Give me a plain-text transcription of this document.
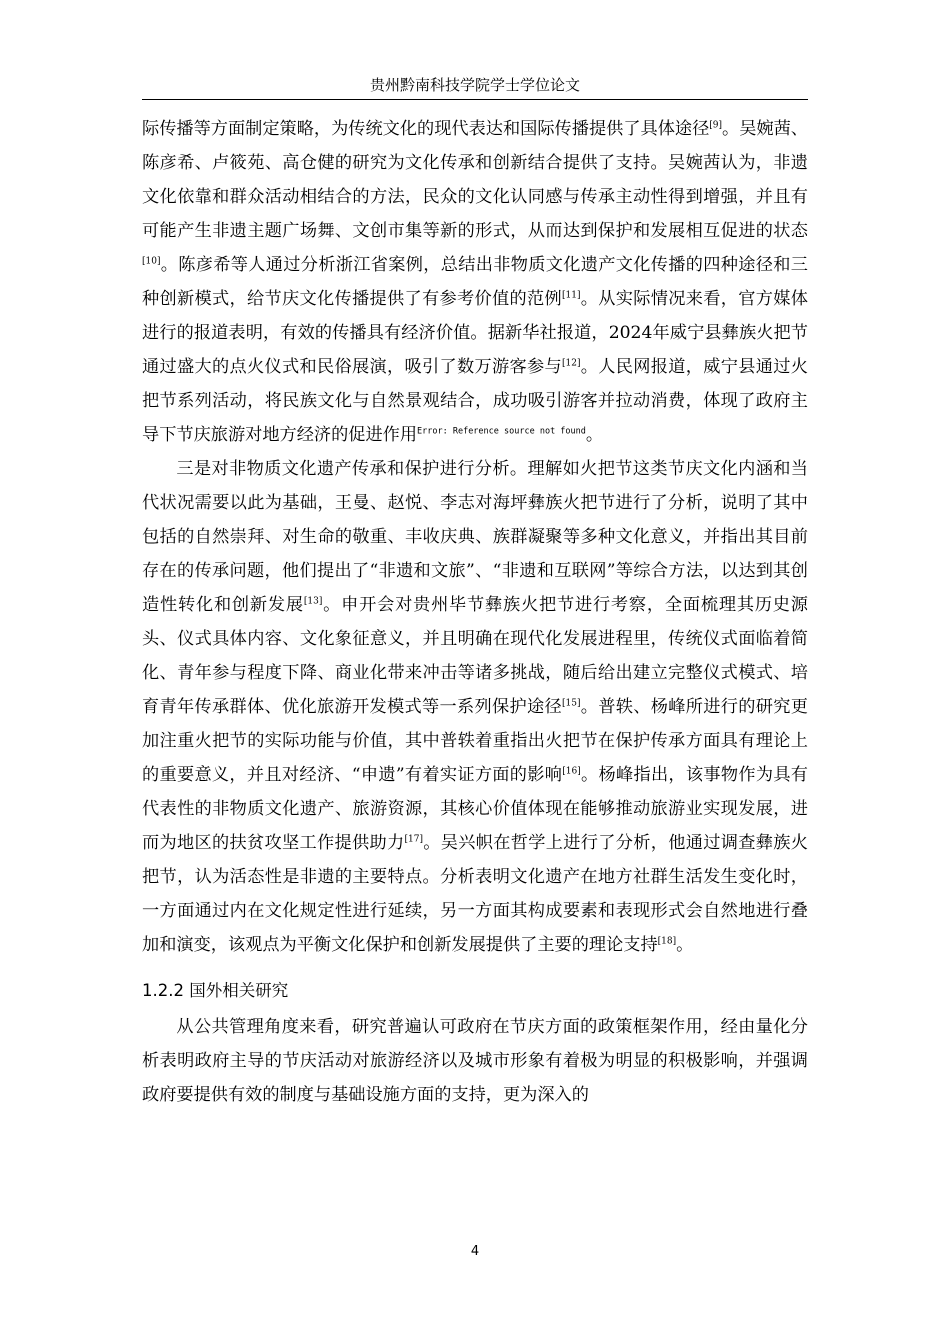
贵州黔南科技学院学士学位论文

际传播等方面制定策略，为传统文化的现代表达和国际传播提供了具体途径[9]。吴婉茜、陈彦希、卢筱苑、高仓健的研究为文化传承和创新结合提供了支持。吴婉茜认为，非遗文化依靠和群众活动相结合的方法，民众的文化认同感与传承主动性得到增强，并且有可能产生非遗主题广场舞、文创市集等新的形式，从而达到保护和发展相互促进的状态[10]。陈彦希等人通过分析浙江省案例，总结出非物质文化遗产文化传播的四种途径和三种创新模式，给节庆文化传播提供了有参考价值的范例[11]。从实际情况来看，官方媒体进行的报道表明，有效的传播具有经济价值。据新华社报道，2024年威宁县彝族火把节通过盛大的点火仪式和民俗展演，吸引了数万游客参与[12]。人民网报道，威宁县通过火把节系列活动，将民族文化与自然景观结合，成功吸引游客并拉动消费，体现了政府主导下节庆旅游对地方经济的促进作用$^{Error: Reference source not found}$。

三是对非物质文化遗产传承和保护进行分析。理解如火把节这类节庆文化内涵和当代状况需要以此为基础，王曼、赵悦、李志对海坪彝族火把节进行了分析，说明了其中包括的自然崇拜、对生命的敬重、丰收庆典、族群凝聚等多种文化意义，并指出其目前存在的传承问题，他们提出了“非遗和文旅”、“非遗和互联网”等综合方法，以达到其创造性转化和创新发展[13]。申开会对贵州毕节彝族火把节进行考察，全面梳理其历史源头、仪式具体内容、文化象征意义，并且明确在现代化发展进程里，传统仪式面临着简化、青年参与程度下降、商业化带来冲击等诸多挑战，随后给出建立完整仪式模式、培育青年传承群体、优化旅游开发模式等一系列保护途径[15]。普轶、杨峰所进行的研究更加注重火把节的实际功能与价值，其中普轶着重指出火把节在保护传承方面具有理论上的重要意义，并且对经济、“申遗”有着实证方面的影响[16]。杨峰指出，该事物作为具有代表性的非物质文化遗产、旅游资源，其核心价值体现在能够推动旅游业实现发展，进而为地区的扶贫攻坚工作提供助力[17]。吴兴帜在哲学上进行了分析，他通过调查彝族火把节，认为活态性是非遗的主要特点。分析表明文化遗产在地方社群生活发生变化时，一方面通过内在文化规定性进行延续，另一方面其构成要素和表现形式会自然地进行叠加和演变，该观点为平衡文化保护和创新发展提供了主要的理论支持[18]。

1.2.2 国外相关研究

从公共管理角度来看，研究普遍认可政府在节庆方面的政策框架作用，经由量化分析表明政府主导的节庆活动对旅游经济以及城市形象有着极为明显的积极影响，并强调政府要提供有效的制度与基础设施方面的支持，更为深入的

4
